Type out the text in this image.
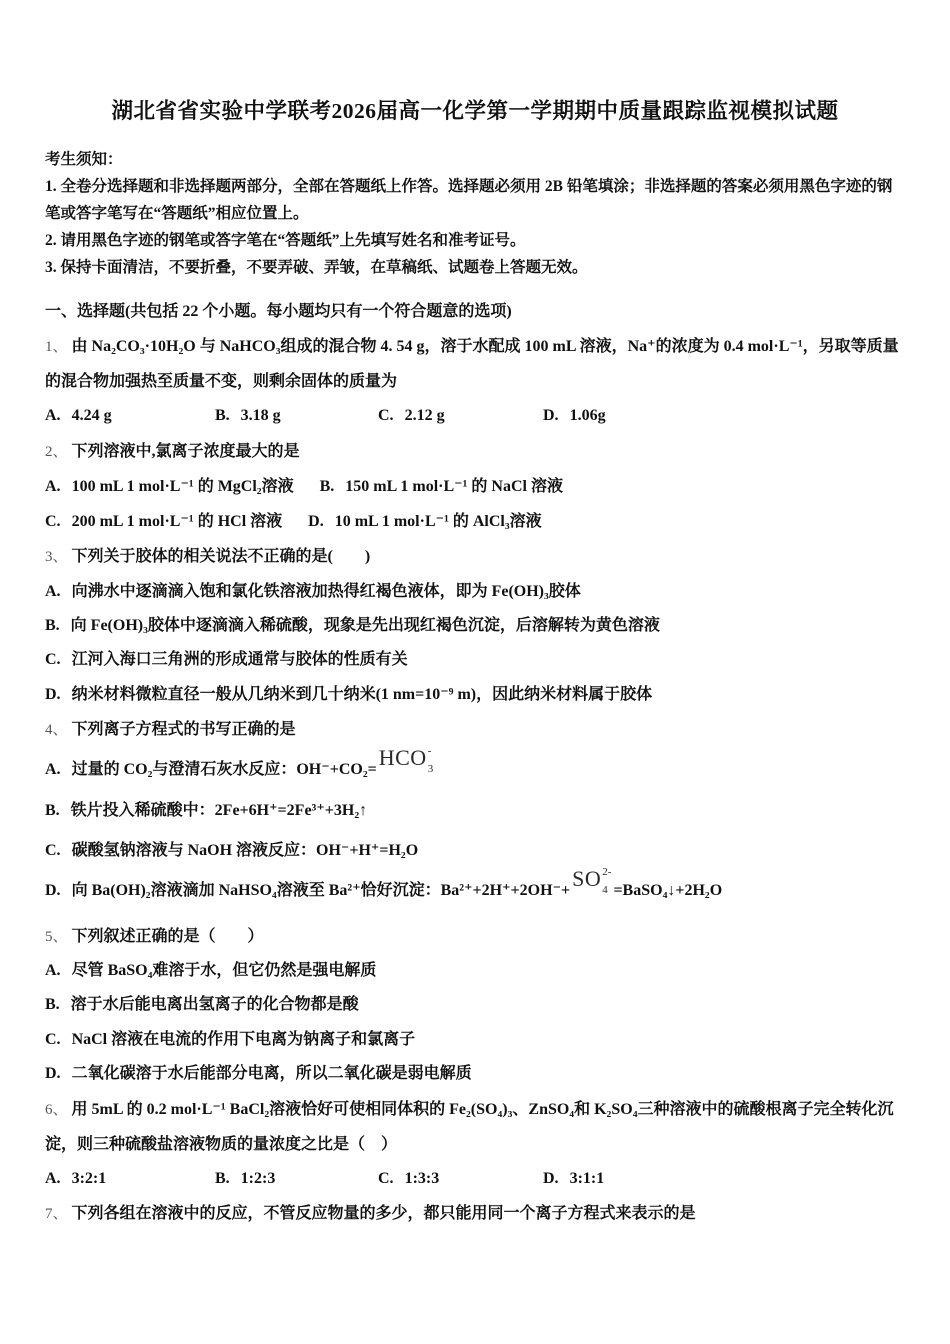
湖北省省实验中学联考2026届高一化学第一学期期中质量跟踪监视模拟试题

考生须知：

1. 全卷分选择题和非选择题两部分，全部在答题纸上作答。选择题必须用 2B 铅笔填涂；非选择题的答案必须用黑色字迹的钢笔或答字笔写在“答题纸”相应位置上。

2. 请用黑色字迹的钢笔或答字笔在“答题纸”上先填写姓名和准考证号。

3. 保持卡面清洁，不要折叠，不要弄破、弄皱，在草稿纸、试题卷上答题无效。

一、选择题(共包括 22 个小题。每小题均只有一个符合题意的选项)

1、 由 Na₂CO₃·10H₂O 与 NaHCO₃组成的混合物 4. 54 g，溶于水配成 100 mL 溶液，Na⁺的浓度为 0.4 mol·L⁻¹，另取等质量的混合物加强热至质量不变，则剩余固体的质量为

A. 4.24 g	B. 3.18 g	C. 2.12 g	D. 1.06g

2、 下列溶液中,氯离子浓度最大的是

A. 100 mL 1 mol·L⁻¹ 的 MgCl₂溶液 B. 150 mL 1 mol·L⁻¹ 的 NaCl 溶液
C. 200 mL 1 mol·L⁻¹ 的 HCl 溶液 D. 10 mL 1 mol·L⁻¹ 的 AlCl₃溶液

3、 下列关于胶体的相关说法不正确的是(　　)

A. 向沸水中逐滴滴入饱和氯化铁溶液加热得红褐色液体，即为 Fe(OH)₃胶体

B. 向 Fe(OH)₃胶体中逐滴滴入稀硫酸，现象是先出现红褐色沉淀，后溶解转为黄色溶液

C. 江河入海口三角洲的形成通常与胶体的性质有关

D. 纳米材料微粒直径一般从几纳米到几十纳米(1 nm=10⁻⁹ m)，因此纳米材料属于胶体

4、 下列离子方程式的书写正确的是

A. 过量的 CO₂与澄清石灰水反应：OH⁻+CO₂= HCO -
3

B. 铁片投入稀硫酸中：2Fe+6H⁺=2Fe³⁺+3H₂↑

C. 碳酸氢钠溶液与 NaOH 溶液反应：OH⁻+H⁺=H₂O

D. 向 Ba(OH)₂溶液滴加 NaHSO₄溶液至 Ba²⁺恰好沉淀：Ba²⁺+2H⁺+2OH⁻+ SO 2-
4 =BaSO₄↓+2H₂O

5、 下列叙述正确的是（　　）

A. 尽管 BaSO₄难溶于水，但它仍然是强电解质

B. 溶于水后能电离出氢离子的化合物都是酸

C. NaCl 溶液在电流的作用下电离为钠离子和氯离子

D. 二氧化碳溶于水后能部分电离，所以二氧化碳是弱电解质

6、 用 5mL 的 0.2 mol·L⁻¹ BaCl₂溶液恰好可使相同体积的 Fe₂(SO₄)₃、ZnSO₄和 K₂SO₄三种溶液中的硫酸根离子完全转化沉淀，则三种硫酸盐溶液物质的量浓度之比是（　）

A. 3:2:1	B. 1:2:3	C. 1:3:3	D. 3:1:1

7、 下列各组在溶液中的反应，不管反应物量的多少，都只能用同一个离子方程式来表示的是
